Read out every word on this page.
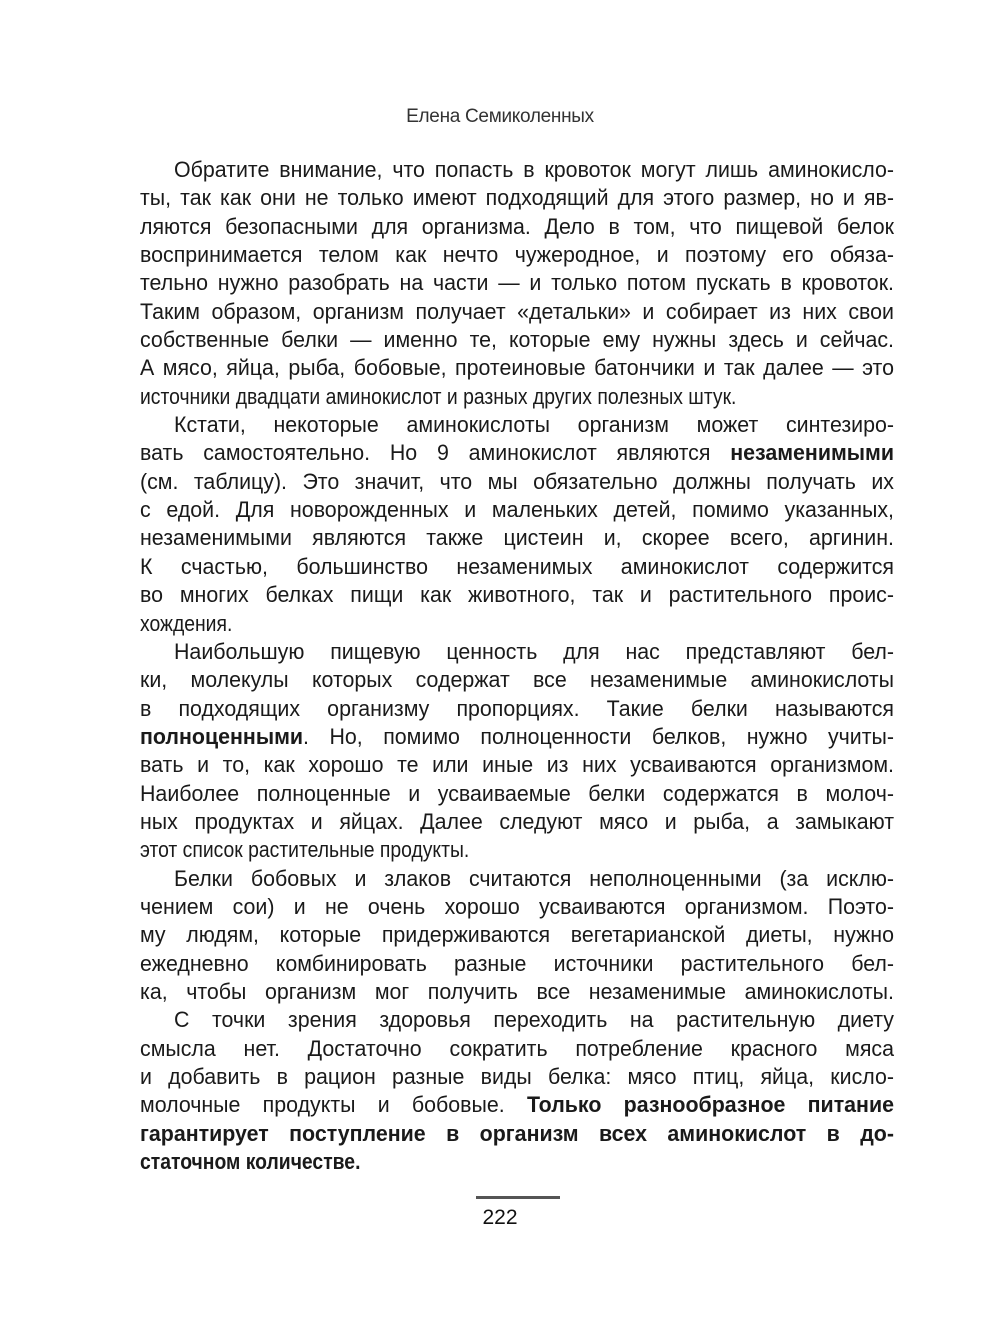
Елена Семиколенных
Обратите внимание, что попасть в кровоток могут лишь аминокисло-
ты, так как они не только имеют подходящий для этого размер, но и яв-
ляются безопасными для организма. Дело в том, что пищевой белок
воспринимается телом как нечто чужеродное, и поэтому его обяза-
тельно нужно разобрать на части — и только потом пускать в кровоток.
Таким образом, организм получает «детальки» и собирает из них свои
собственные белки — именно те, которые ему нужны здесь и сейчас.
А мясо, яйца, рыба, бобовые, протеиновые батончики и так далее — это
источники двадцати аминокислот и разных других полезных штук.
Кстати, некоторые аминокислоты организм может синтезиро-
вать самостоятельно. Но 9 аминокислот являются незаменимыми
(см. таблицу). Это значит, что мы обязательно должны получать их
с едой. Для новорожденных и маленьких детей, помимо указанных,
незаменимыми являются также цистеин и, скорее всего, аргинин.
К счастью, большинство незаменимых аминокислот содержится
во многих белках пищи как животного, так и растительного проис-
хождения.
Наибольшую пищевую ценность для нас представляют бел-
ки, молекулы которых содержат все незаменимые аминокислоты
в подходящих организму пропорциях. Такие белки называются
полноценными. Но, помимо полноценности белков, нужно учиты-
вать и то, как хорошо те или иные из них усваиваются организмом.
Наиболее полноценные и усваиваемые белки содержатся в молоч-
ных продуктах и яйцах. Далее следуют мясо и рыба, а замыкают
этот список растительные продукты.
Белки бобовых и злаков считаются неполноценными (за исклю-
чением сои) и не очень хорошо усваиваются организмом. Поэто-
му людям, которые придерживаются вегетарианской диеты, нужно
ежедневно комбинировать разные источники растительного бел-
ка, чтобы организм мог получить все незаменимые аминокислоты.
С точки зрения здоровья переходить на растительную диету
смысла нет. Достаточно сократить потребление красного мяса
и добавить в рацион разные виды белка: мясо птиц, яйца, кисло-
молочные продукты и бобовые. Только разнообразное питание
гарантирует поступление в организм всех аминокислот в до-
статочном количестве.
222
